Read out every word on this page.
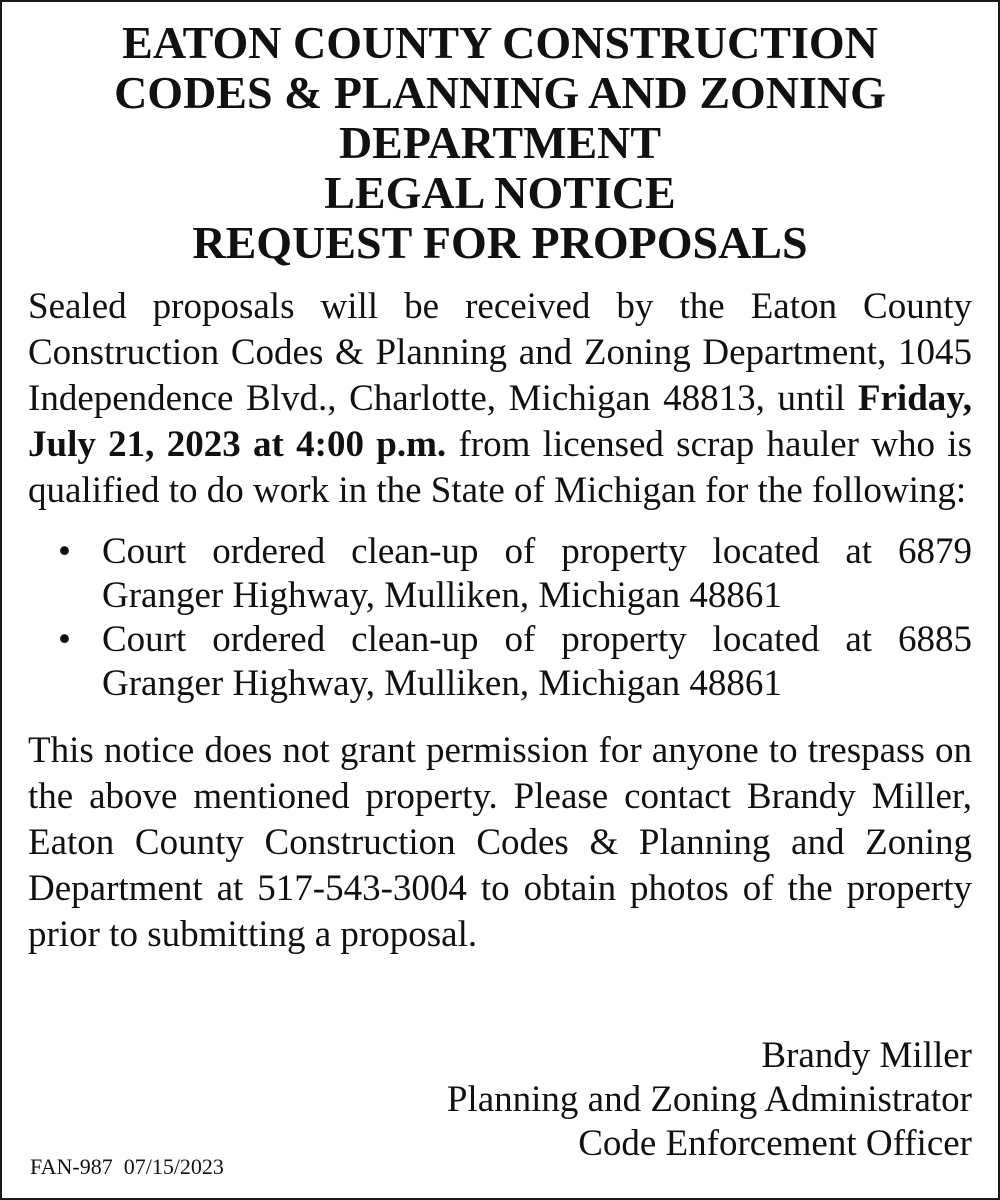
EATON COUNTY CONSTRUCTION
CODES & PLANNING AND ZONING
DEPARTMENT
LEGAL NOTICE
REQUEST FOR PROPOSALS

Sealed proposals will be received by the Eaton County Construction Codes & Planning and Zoning Department, 1045 Independence Blvd., Charlotte, Michigan 48813, until Friday, July 21, 2023 at 4:00 p.m. from licensed scrap hauler who is qualified to do work in the State of Michigan for the following:

• Court ordered clean-up of property located at 6879 Granger Highway, Mulliken, Michigan 48861
• Court ordered clean-up of property located at 6885 Granger Highway, Mulliken, Michigan 48861

This notice does not grant permission for anyone to trespass on the above mentioned property. Please contact Brandy Miller, Eaton County Construction Codes & Planning and Zoning Department at 517-543-3004 to obtain photos of the property prior to submitting a proposal.

Brandy Miller
Planning and Zoning Administrator
Code Enforcement Officer
FAN-987  07/15/2023
